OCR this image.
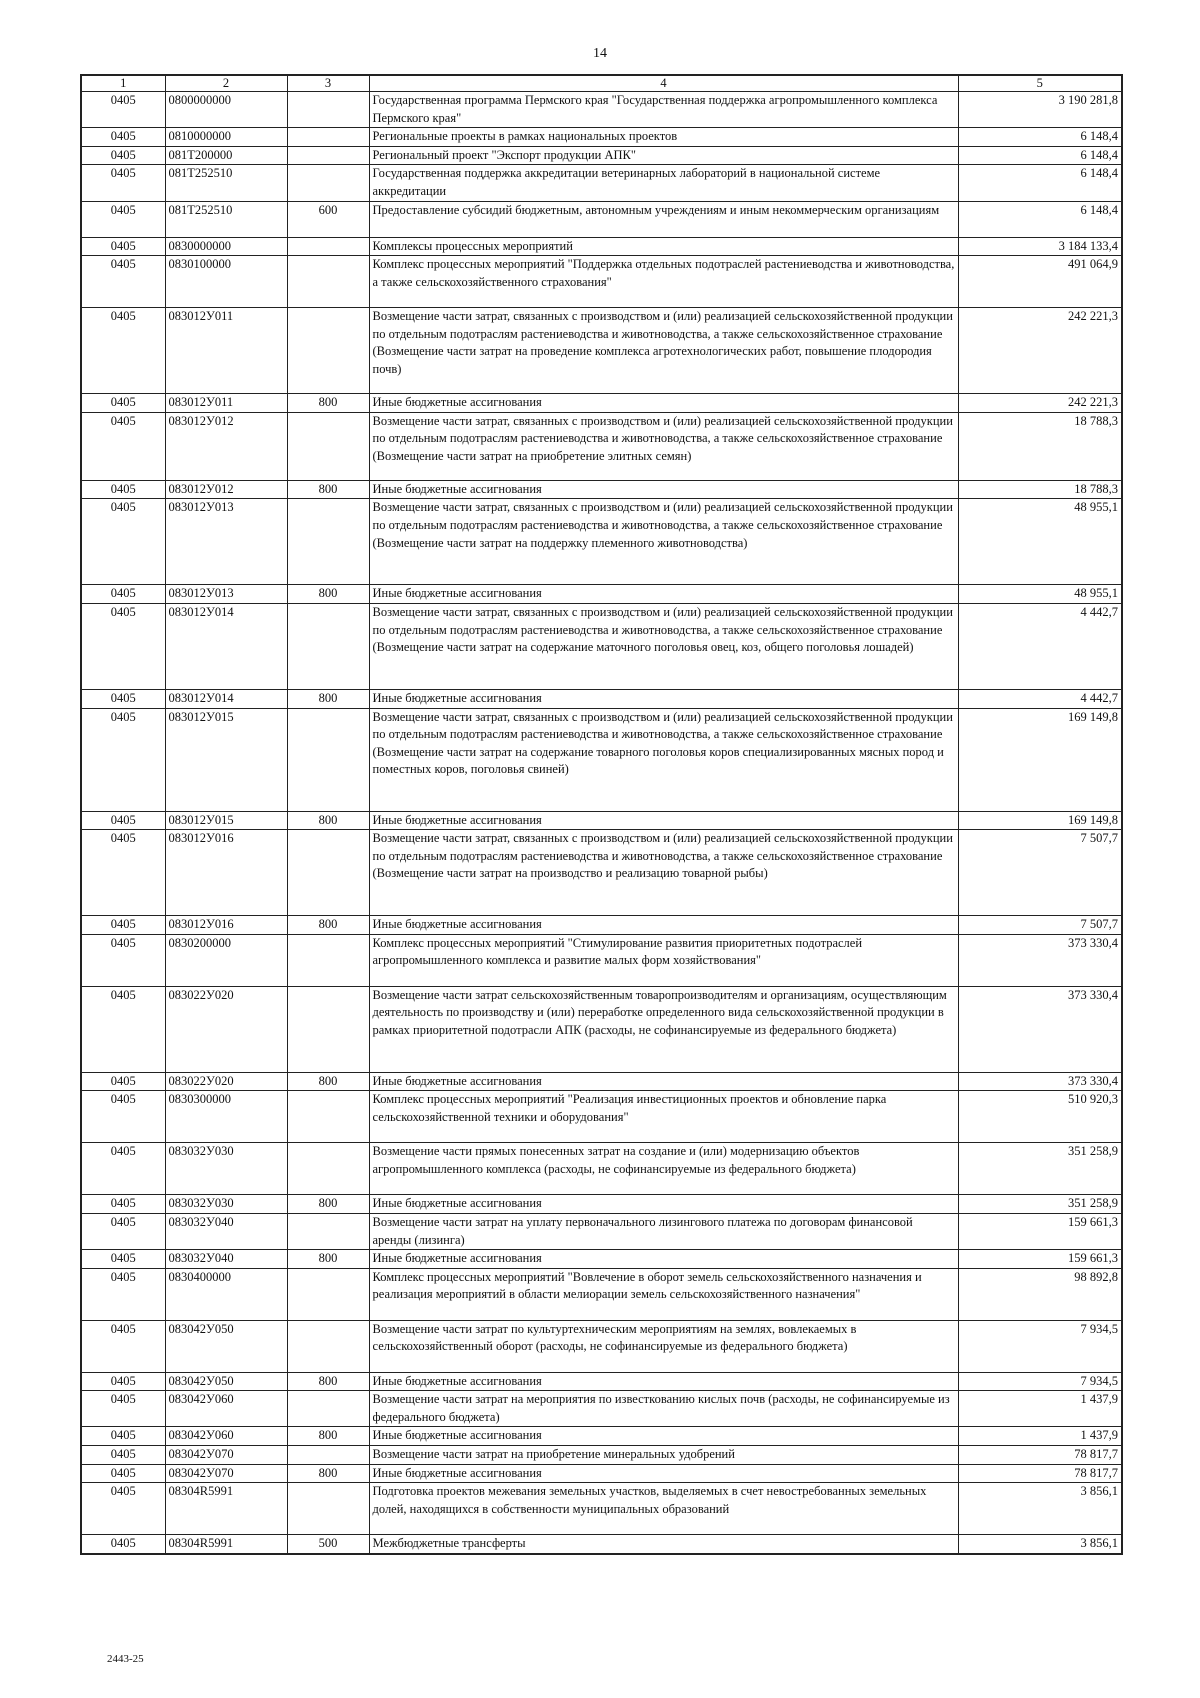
14
1	2	3	4	5
0405	0800000000		Государственная программа Пермского края "Государственная поддержка агропромышленного комплекса Пермского края"	3 190 281,8
0405	0810000000		Региональные проекты в рамках национальных проектов	6 148,4
0405	081Т200000		Региональный проект "Экспорт продукции АПК"	6 148,4
0405	081Т252510		Государственная поддержка аккредитации ветеринарных лабораторий в национальной системе аккредитации	6 148,4
0405	081Т252510	600	Предоставление субсидий бюджетным, автономным учреждениям и иным некоммерческим организациям	6 148,4
0405	0830000000		Комплексы процессных мероприятий	3 184 133,4
0405	0830100000		Комплекс процессных мероприятий "Поддержка отдельных подотраслей растениеводства и животноводства, а также сельскохозяйственного страхования"	491 064,9
0405	083012У011		Возмещение части затрат, связанных с производством и (или) реализацией сельскохозяйственной продукции по отдельным подотраслям растениеводства и животноводства, а также сельскохозяйственное страхование (Возмещение части затрат на проведение комплекса агротехнологических работ, повышение плодородия почв)	242 221,3
0405	083012У011	800	Иные бюджетные ассигнования	242 221,3
0405	083012У012		Возмещение части затрат, связанных с производством и (или) реализацией сельскохозяйственной продукции по отдельным подотраслям растениеводства и животноводства, а также сельскохозяйственное страхование (Возмещение части затрат на приобретение элитных семян)	18 788,3
0405	083012У012	800	Иные бюджетные ассигнования	18 788,3
0405	083012У013		Возмещение части затрат, связанных с производством и (или) реализацией сельскохозяйственной продукции по отдельным подотраслям растениеводства и животноводства, а также сельскохозяйственное страхование (Возмещение части затрат на поддержку племенного животноводства)	48 955,1
0405	083012У013	800	Иные бюджетные ассигнования	48 955,1
0405	083012У014		Возмещение части затрат, связанных с производством и (или) реализацией сельскохозяйственной продукции по отдельным подотраслям растениеводства и животноводства, а также сельскохозяйственное страхование (Возмещение части затрат на содержание маточного поголовья овец, коз, общего поголовья лошадей)	4 442,7
0405	083012У014	800	Иные бюджетные ассигнования	4 442,7
0405	083012У015		Возмещение части затрат, связанных с производством и (или) реализацией сельскохозяйственной продукции по отдельным подотраслям растениеводства и животноводства, а также сельскохозяйственное страхование (Возмещение части затрат на содержание товарного поголовья коров специализированных мясных пород и поместных коров, поголовья свиней)	169 149,8
0405	083012У015	800	Иные бюджетные ассигнования	169 149,8
0405	083012У016		Возмещение части затрат, связанных с производством и (или) реализацией сельскохозяйственной продукции по отдельным подотраслям растениеводства и животноводства, а также сельскохозяйственное страхование (Возмещение части затрат на производство и реализацию товарной рыбы)	7 507,7
0405	083012У016	800	Иные бюджетные ассигнования	7 507,7
0405	0830200000		Комплекс процессных мероприятий "Стимулирование развития приоритетных подотраслей агропромышленного комплекса и развитие малых форм хозяйствования"	373 330,4
0405	083022У020		Возмещение части затрат сельскохозяйственным товаропроизводителям и организациям, осуществляющим деятельность по производству и (или) переработке определенного вида сельскохозяйственной продукции в рамках приоритетной подотрасли АПК (расходы, не софинансируемые из федерального бюджета)	373 330,4
0405	083022У020	800	Иные бюджетные ассигнования	373 330,4
0405	0830300000		Комплекс процессных мероприятий "Реализация инвестиционных проектов и обновление парка сельскохозяйственной техники и оборудования"	510 920,3
0405	083032У030		Возмещение части прямых понесенных затрат на создание и (или) модернизацию объектов агропромышленного комплекса (расходы, не софинансируемые из федерального бюджета)	351 258,9
0405	083032У030	800	Иные бюджетные ассигнования	351 258,9
0405	083032У040		Возмещение части затрат на уплату первоначального лизингового платежа по договорам финансовой аренды (лизинга)	159 661,3
0405	083032У040	800	Иные бюджетные ассигнования	159 661,3
0405	0830400000		Комплекс процессных мероприятий "Вовлечение в оборот земель сельскохозяйственного назначения и реализация мероприятий в области мелиорации земель сельскохозяйственного назначения"	98 892,8
0405	083042У050		Возмещение части затрат по культуртехническим мероприятиям на землях, вовлекаемых в сельскохозяйственный оборот (расходы, не софинансируемые из федерального бюджета)	7 934,5
0405	083042У050	800	Иные бюджетные ассигнования	7 934,5
0405	083042У060		Возмещение части затрат на мероприятия по известкованию кислых почв (расходы, не софинансируемые из федерального бюджета)	1 437,9
0405	083042У060	800	Иные бюджетные ассигнования	1 437,9
0405	083042У070		Возмещение части затрат на приобретение минеральных удобрений	78 817,7
0405	083042У070	800	Иные бюджетные ассигнования	78 817,7
0405	08304R5991		Подготовка проектов межевания земельных участков, выделяемых в счет невостребованных земельных долей, находящихся в собственности муниципальных образований	3 856,1
0405	08304R5991	500	Межбюджетные трансферты	3 856,1
2443-25
